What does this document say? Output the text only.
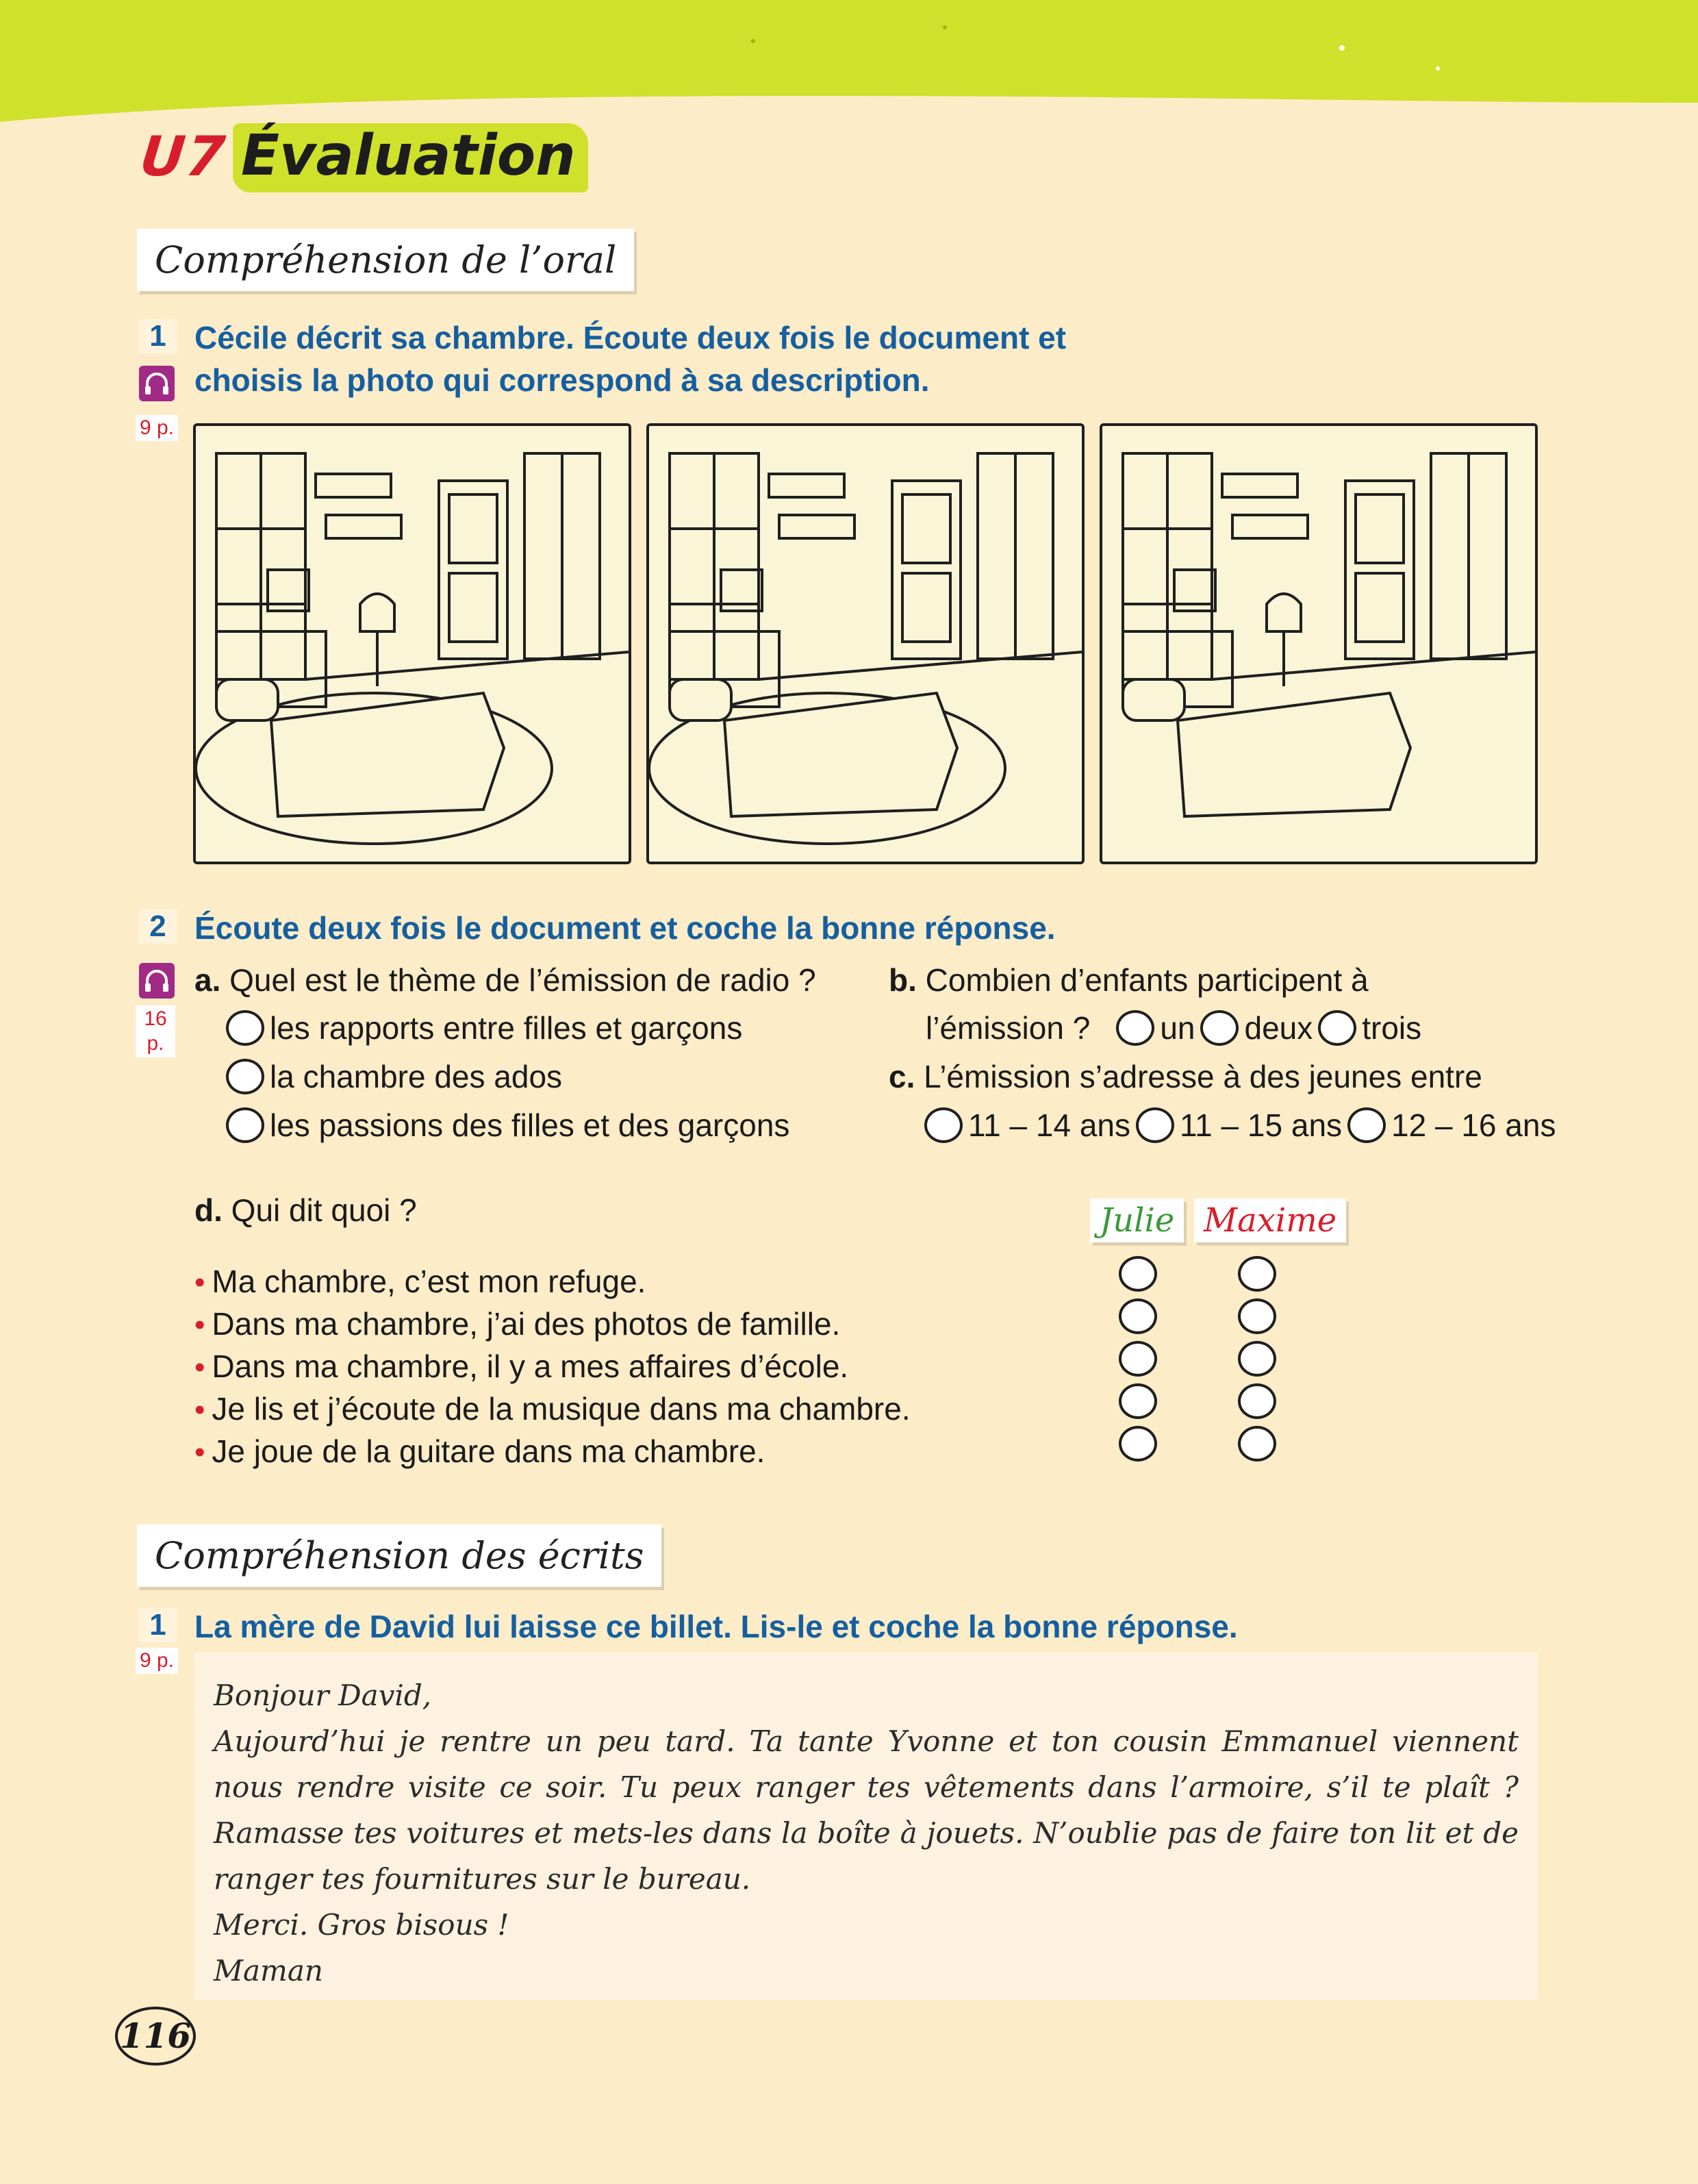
U7 Évaluation
Compréhension de l’oral
1
9 p.
Cécile décrit sa chambre. Écoute deux fois le document et
choisis la photo qui correspond à sa description.
2 Écoute deux fois le document et coche la bonne réponse.
16 p.
a. Quel est le thème de l’émission de radio ?
les rapports entre filles et garçons
la chambre des ados
les passions des filles et des garçons
b. Combien d’enfants participent à
l’émission ? un deux trois
c. L’émission s’adresse à des jeunes entre
11 – 14 ans 11 – 15 ans 12 – 16 ans
d. Qui dit quoi ?	Julie Maxime
• Ma chambre, c’est mon refuge.
• Dans ma chambre, j’ai des photos de famille.
• Dans ma chambre, il y a mes affaires d’école.
• Je lis et j’écoute de la musique dans ma chambre.
• Je joue de la guitare dans ma chambre.
Compréhension des écrits
1
9 p.
La mère de David lui laisse ce billet. Lis-le et coche la bonne réponse.
Bonjour David,
Aujourd’hui je rentre un peu tard. Ta tante Yvonne et ton cousin Emmanuel viennent nous rendre visite ce soir. Tu peux ranger tes vêtements dans l’armoire, s’il te plaît ? Ramasse tes voitures et mets-les dans la boîte à jouets. N’oublie pas de faire ton lit et de ranger tes fournitures sur le bureau.
Merci. Gros bisous !
Maman
116
